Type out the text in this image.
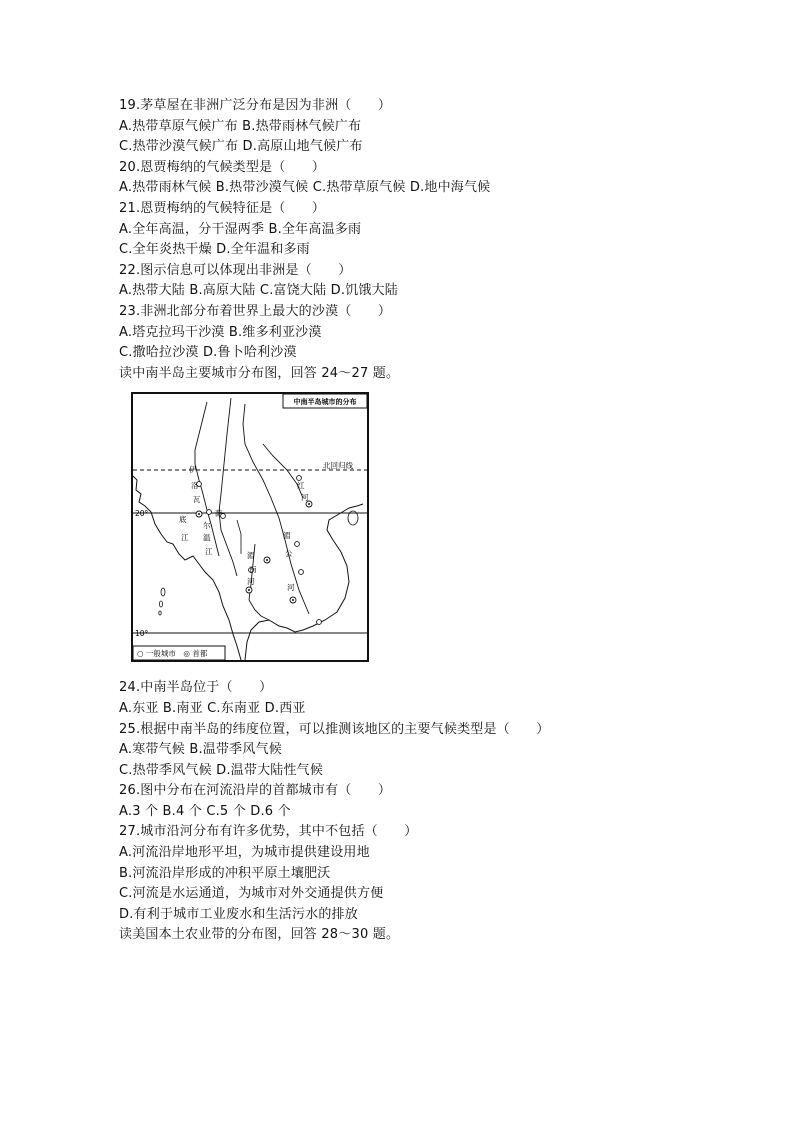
19.茅草屋在非洲广泛分布是因为非洲（　　）
A.热带草原气候广布 B.热带雨林气候广布
C.热带沙漠气候广布 D.高原山地气候广布
20.恩贾梅纳的气候类型是（　　）
A.热带雨林气候 B.热带沙漠气候 C.热带草原气候 D.地中海气候
21.恩贾梅纳的气候特征是（　　）
A.全年高温，分干湿两季 B.全年高温多雨
C.全年炎热干燥 D.全年温和多雨
22.图示信息可以体现出非洲是（　　）
A.热带大陆 B.高原大陆 C.富饶大陆 D.饥饿大陆
23.非洲北部分布着世界上最大的沙漠（　　）
A.塔克拉玛干沙漠 B.维多利亚沙漠
C.撒哈拉沙漠 D.鲁卜哈利沙漠
读中南半岛主要城市分布图，回答 24～27 题。
中南半岛城市的分布
北回归线
20°
10°
伊
洛
瓦
底
江
萨
尔
温
江
红
河
湄
南
河
湄
公
河
○ 一般城市　◎ 首都
24.中南半岛位于（　　）
A.东亚 B.南亚 C.东南亚 D.西亚
25.根据中南半岛的纬度位置，可以推测该地区的主要气候类型是（　　）
A.寒带气候 B.温带季风气候
C.热带季风气候 D.温带大陆性气候
26.图中分布在河流沿岸的首都城市有（　　）
A.3 个 B.4 个 C.5 个 D.6 个
27.城市沿河分布有许多优势，其中不包括（　　）
A.河流沿岸地形平坦，为城市提供建设用地
B.河流沿岸形成的冲积平原土壤肥沃
C.河流是水运通道，为城市对外交通提供方便
D.有利于城市工业废水和生活污水的排放
读美国本土农业带的分布图，回答 28～30 题。
